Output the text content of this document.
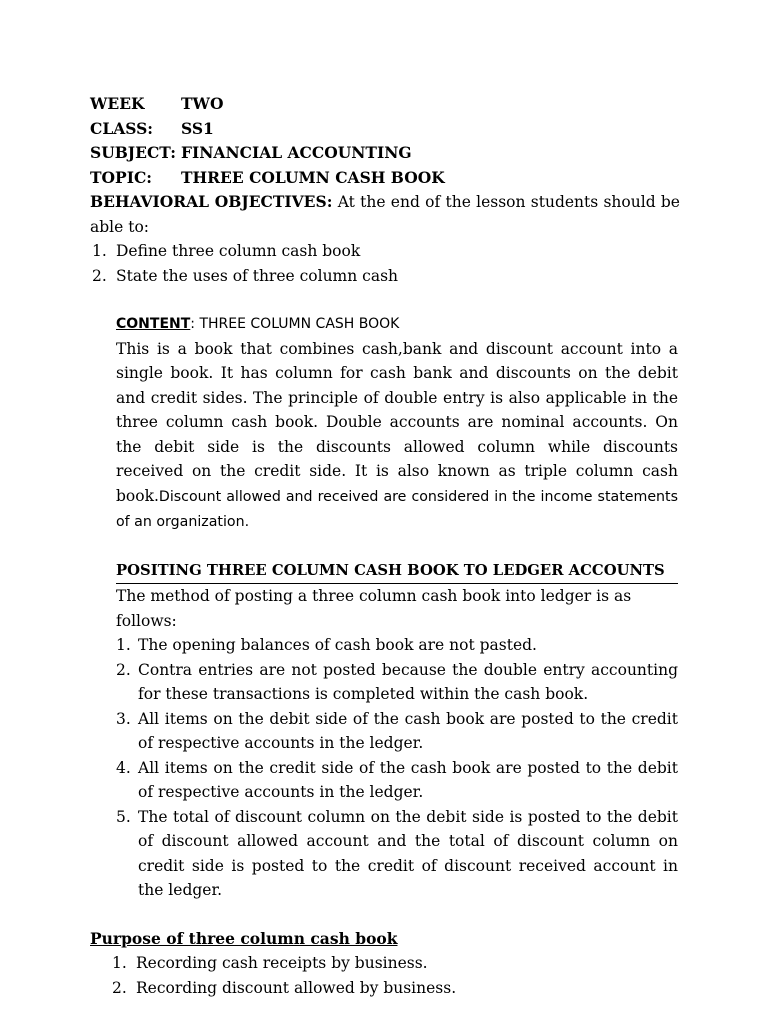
WEEK TWO
CLASS: SS1
SUBJECT: FINANCIAL ACCOUNTING
TOPIC: THREE COLUMN CASH BOOK
BEHAVIORAL OBJECTIVES: At the end of the lesson students should be able to:
1. Define three column cash book
2. State the uses of three column cash
CONTENT: THREE COLUMN CASH BOOK
This is a book that combines cash,bank and discount account into a single book. It has column for cash bank and discounts on the debit and credit sides. The principle of double entry is also applicable in the three column cash book. Double accounts are nominal accounts. On the debit side is the discounts allowed column while discounts received on the credit side. It is also known as triple column cash book.Discount allowed and received are considered in the income statements of an organization.
POSITING THREE COLUMN CASH BOOK TO LEDGER ACCOUNTS
The method of posting a three column cash book into ledger is as follows:
1. The opening balances of cash book are not pasted.
2. Contra entries are not posted because the double entry accounting for these transactions is completed within the cash book.
3. All items on the debit side of the cash book are posted to the credit of respective accounts in the ledger.
4. All items on the credit side of the cash book are posted to the debit of respective accounts in the ledger.
5. The total of discount column on the debit side is posted to the debit of discount allowed account and the total of discount column on credit side is posted to the credit of discount received account in the ledger.
Purpose of three column cash book
1. Recording cash receipts by business.
2. Recording discount allowed by business.
